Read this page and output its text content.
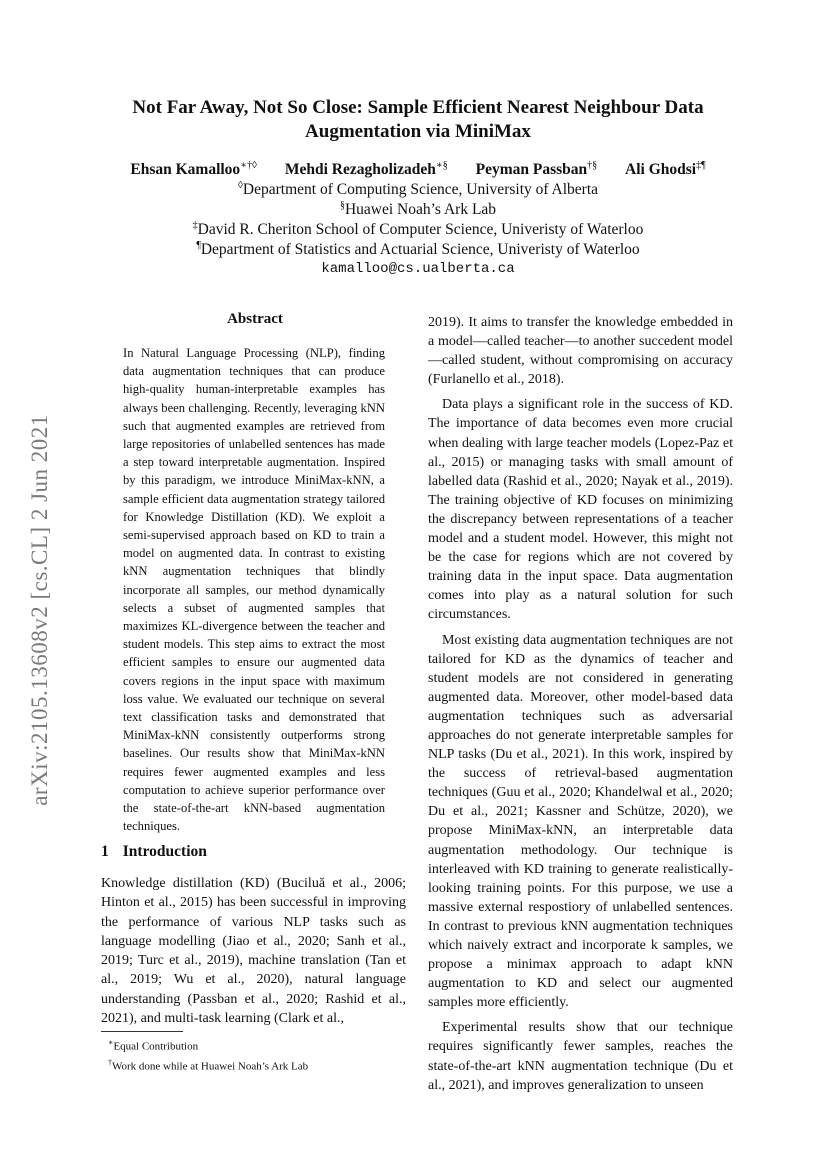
arXiv:2105.13608v2 [cs.CL] 2 Jun 2021
Not Far Away, Not So Close: Sample Efficient Nearest Neighbour Data Augmentation via MiniMax
Ehsan Kamalloo∗†◊ Mehdi Rezagholizadeh∗§ Peyman Passban†§ Ali Ghodsi‡¶
◊Department of Computing Science, University of Alberta
§Huawei Noah’s Ark Lab
‡David R. Cheriton School of Computer Science, Univeristy of Waterloo
¶Department of Statistics and Actuarial Science, Univeristy of Waterloo
kamalloo@cs.ualberta.ca
Abstract
In Natural Language Processing (NLP), finding data augmentation techniques that can produce high-quality human-interpretable examples has always been challenging. Recently, leveraging kNN such that augmented examples are retrieved from large repositories of unlabelled sentences has made a step toward interpretable augmentation. Inspired by this paradigm, we introduce MiniMax-kNN, a sample efficient data augmentation strategy tailored for Knowledge Distillation (KD). We exploit a semi-supervised approach based on KD to train a model on augmented data. In contrast to existing kNN augmentation techniques that blindly incorporate all samples, our method dynamically selects a subset of augmented samples that maximizes KL-divergence between the teacher and student models. This step aims to extract the most efficient samples to ensure our augmented data covers regions in the input space with maximum loss value. We evaluated our technique on several text classification tasks and demonstrated that MiniMax-kNN consistently outperforms strong baselines. Our results show that MiniMax-kNN requires fewer augmented examples and less computation to achieve superior performance over the state-of-the-art kNN-based augmentation techniques.
1 Introduction
Knowledge distillation (KD) (Buciluă et al., 2006; Hinton et al., 2015) has been successful in improving the performance of various NLP tasks such as language modelling (Jiao et al., 2020; Sanh et al., 2019; Turc et al., 2019), machine translation (Tan et al., 2019; Wu et al., 2020), natural language understanding (Passban et al., 2020; Rashid et al., 2021), and multi-task learning (Clark et al.,
∗Equal Contribution
†Work done while at Huawei Noah’s Ark Lab

2019). It aims to transfer the knowledge embedded in a model—called teacher—to another succedent model—called student, without compromising on accuracy (Furlanello et al., 2018).

Data plays a significant role in the success of KD. The importance of data becomes even more crucial when dealing with large teacher models (Lopez-Paz et al., 2015) or managing tasks with small amount of labelled data (Rashid et al., 2020; Nayak et al., 2019). The training objective of KD focuses on minimizing the discrepancy between representations of a teacher model and a student model. However, this might not be the case for regions which are not covered by training data in the input space. Data augmentation comes into play as a natural solution for such circumstances.

Most existing data augmentation techniques are not tailored for KD as the dynamics of teacher and student models are not considered in generating augmented data. Moreover, other model-based data augmentation techniques such as adversarial approaches do not generate interpretable samples for NLP tasks (Du et al., 2021). In this work, inspired by the success of retrieval-based augmentation techniques (Guu et al., 2020; Khandelwal et al., 2020; Du et al., 2021; Kassner and Schütze, 2020), we propose MiniMax-kNN, an interpretable data augmentation methodology. Our technique is interleaved with KD training to generate realistically-looking training points. For this purpose, we use a massive external respostiory of unlabelled sentences. In contrast to previous kNN augmentation techniques which naively extract and incorporate k samples, we propose a minimax approach to adapt kNN augmentation to KD and select our augmented samples more efficiently.

Experimental results show that our technique requires significantly fewer samples, reaches the state-of-the-art kNN augmentation technique (Du et al., 2021), and improves generalization to unseen
